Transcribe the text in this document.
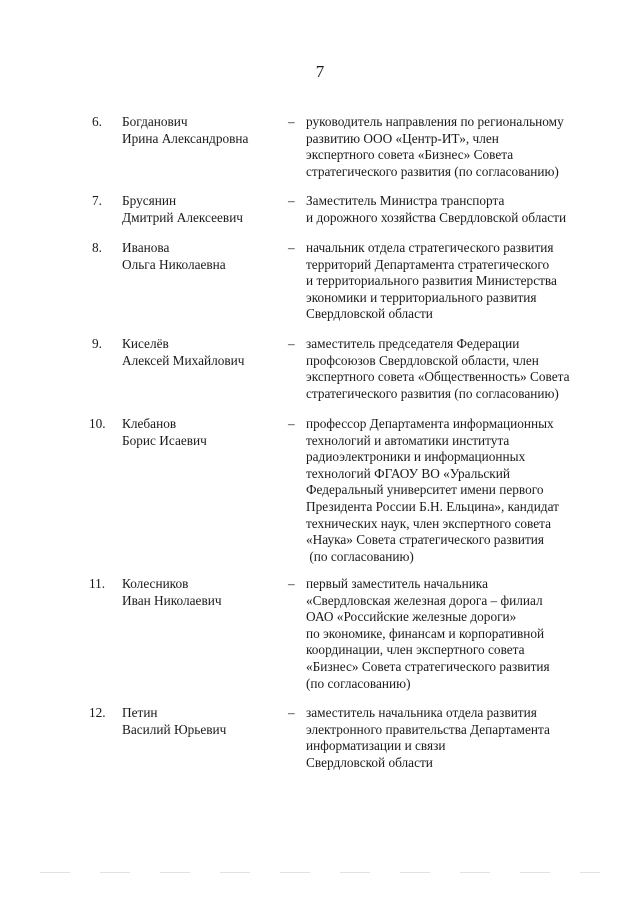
7
6. Богданович
Ирина Александровна
– руководитель направления по региональному
развитию ООО «Центр-ИТ», член
экспертного совета «Бизнес» Совета
стратегического развития (по согласованию)
7. Брусянин
Дмитрий Алексеевич
– Заместитель Министра транспорта
и дорожного хозяйства Свердловской области
8. Иванова
Ольга Николаевна
– начальник отдела стратегического развития
территорий Департамента стратегического
и территориального развития Министерства
экономики и территориального развития
Свердловской области
9. Киселёв
Алексей Михайлович
– заместитель председателя Федерации
профсоюзов Свердловской области, член
экспертного совета «Общественность» Совета
стратегического развития (по согласованию)
10. Клебанов
Борис Исаевич
– профессор Департамента информационных
технологий и автоматики института
радиоэлектроники и информационных
технологий ФГАОУ ВО «Уральский
Федеральный университет имени первого
Президента России Б.Н. Ельцина», кандидат
технических наук, член экспертного совета
«Наука» Совета стратегического развития
(по согласованию)
11. Колесников
Иван Николаевич
– первый заместитель начальника
«Свердловская железная дорога – филиал
ОАО «Российские железные дороги»
по экономике, финансам и корпоративной
координации, член экспертного совета
«Бизнес» Совета стратегического развития
(по согласованию)
12. Петин
Василий Юрьевич
– заместитель начальника отдела развития
электронного правительства Департамента
информатизации и связи
Свердловской области
